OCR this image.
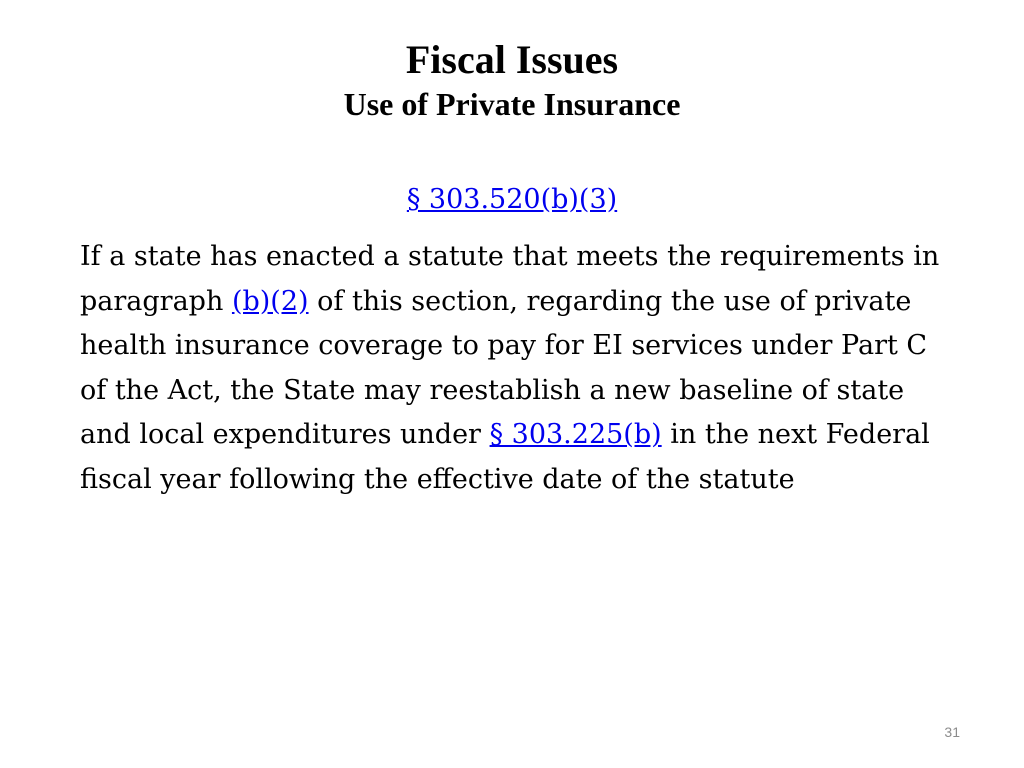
Fiscal Issues
Use of Private Insurance
§ 303.520(b)(3)

If a state has enacted a statute that meets the requirements in paragraph (b)(2) of this section, regarding the use of private health insurance coverage to pay for EI services under Part C of the Act, the State may reestablish a new baseline of state and local expenditures under § 303.225(b) in the next Federal fiscal year following the effective date of the statute

31
